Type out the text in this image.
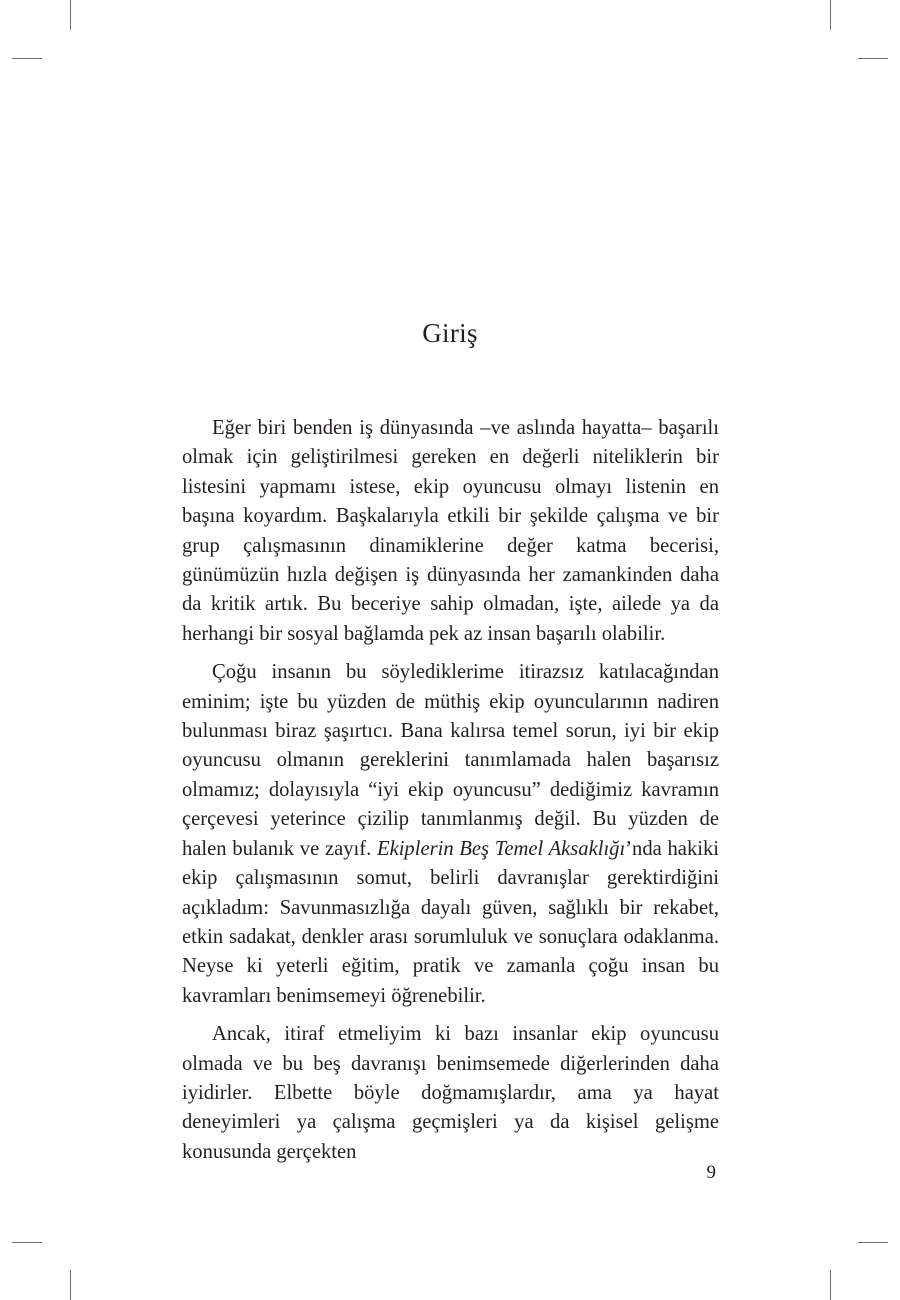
Giriş

Eğer biri benden iş dünyasında –ve aslında hayatta– başarılı olmak için geliştirilmesi gereken en değerli niteliklerin bir listesini yapmamı istese, ekip oyuncusu olmayı listenin en başına koyardım. Başkalarıyla etkili bir şekilde çalışma ve bir grup çalışmasının dinamiklerine değer katma becerisi, günümüzün hızla değişen iş dünyasında her zamankinden daha da kritik artık. Bu beceriye sahip olmadan, işte, ailede ya da herhangi bir sosyal bağlamda pek az insan başarılı olabilir.

Çoğu insanın bu söylediklerime itirazsız katılacağından eminim; işte bu yüzden de müthiş ekip oyuncularının nadiren bulunması biraz şaşırtıcı. Bana kalırsa temel sorun, iyi bir ekip oyuncusu olmanın gereklerini tanımlamada halen başarısız olmamız; dolayısıyla “iyi ekip oyuncusu” dediğimiz kavramın çerçevesi yeterince çizilip tanımlanmış değil. Bu yüzden de halen bulanık ve zayıf. Ekiplerin Beş Temel Aksaklığı’nda hakiki ekip çalışmasının somut, belirli davranışlar gerektirdiğini açıkladım: Savunmasızlığa dayalı güven, sağlıklı bir rekabet, etkin sadakat, denkler arası sorumluluk ve sonuçlara odaklanma. Neyse ki yeterli eğitim, pratik ve zamanla çoğu insan bu kavramları benimsemeyi öğrenebilir.

Ancak, itiraf etmeliyim ki bazı insanlar ekip oyuncusu olmada ve bu beş davranışı benimsemede diğerlerinden daha iyidirler. Elbette böyle doğmamışlardır, ama ya hayat deneyimleri ya çalışma geçmişleri ya da kişisel gelişme konusunda gerçekten

9
